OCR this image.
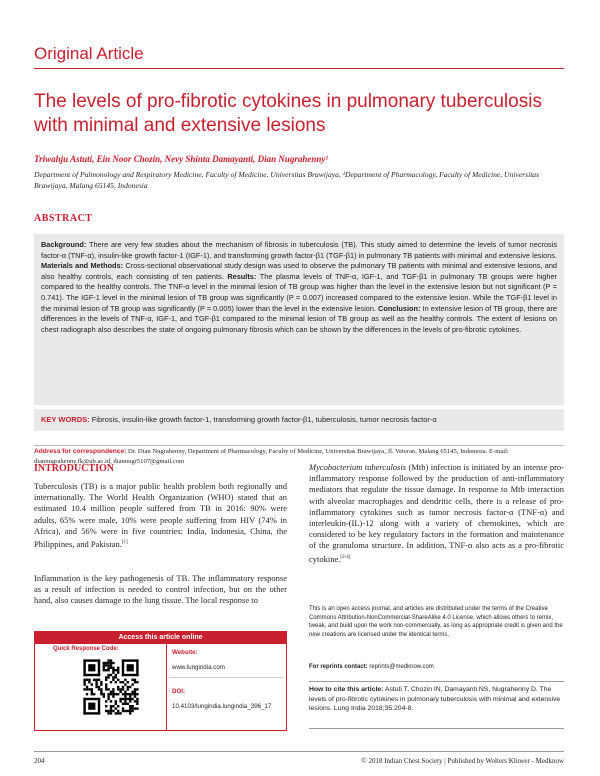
Original Article
The levels of pro-fibrotic cytokines in pulmonary tuberculosis with minimal and extensive lesions
Triwahju Astuti, Ein Noor Chozin, Nevy Shinta Damayanti, Dian Nugrahenny¹
Department of Pulmonology and Respiratory Medicine, Faculty of Medicine, Universitas Brawijaya, ¹Department of Pharmacology, Faculty of Medicine, Universitas Brawijaya, Malang 65145, Indonesia
ABSTRACT
Background: There are very few studies about the mechanism of fibrosis in tuberculosis (TB). This study aimed to determine the levels of tumor necrosis factor-α (TNF-α), insulin-like growth factor-1 (IGF-1), and transforming growth factor-β1 (TGF-β1) in pulmonary TB patients with minimal and extensive lesions. Materials and Methods: Cross-sectional observational study design was used to observe the pulmonary TB patients with minimal and extensive lesions, and also healthy controls, each consisting of ten patients. Results: The plasma levels of TNF-α, IGF-1, and TGF-β1 in pulmonary TB groups were higher compared to the healthy controls. The TNF-α level in the minimal lesion of TB group was higher than the level in the extensive lesion but not significant (P = 0.741). The IGF-1 level in the minimal lesion of TB group was significantly (P = 0.007) increased compared to the extensive lesion. While the TGF-β1 level in the minimal lesion of TB group was significantly (P = 0.005) lower than the level in the extensive lesion. Conclusion: In extensive lesion of TB group, there are differences in the levels of TNF-α, IGF-1, and TGF-β1 compared to the minimal lesion of TB group as well as the healthy controls. The extent of lesions on chest radiograph also describes the state of ongoing pulmonary fibrosis which can be shown by the differences in the levels of pro-fibrotic cytokines.
KEY WORDS: Fibrosis, insulin-like growth factor-1, transforming growth factor-β1, tuberculosis, tumor necrosis factor-α
Address for correspondence: Dr. Dian Nugrahenny, Department of Pharmacology, Faculty of Medicine, Universitas Brawijaya, Jl. Veteran, Malang 65145, Indonesia. E-mail: diannugrahenny.fk@ub.ac.id, diannugr5107@gmail.com
INTRODUCTION
Tuberculosis (TB) is a major public health problem both regionally and internationally. The World Health Organization (WHO) stated that an estimated 10.4 million people suffered from TB in 2016: 90% were adults, 65% were male, 10% were people suffering from HIV (74% in Africa), and 56% were in five countries: India, Indonesia, China, the Philippines, and Pakistan.[1]
Inflammation is the key pathogenesis of TB. The inflammatory response as a result of infection is needed to control infection, but on the other hand, also causes damage to the lung tissue. The local response to
Mycobacterium tuberculosis (Mtb) infection is initiated by an intense pro-inflammatory response followed by the production of anti-inflammatory mediators that regulate the tissue damage. In response to Mtb interaction with alveolar macrophages and dendritic cells, there is a release of pro-inflammatory cytokines such as tumor necrosis factor-α (TNF-α) and interleukin-(IL)-12 along with a variety of chemokines, which are considered to be key regulatory factors in the formation and maintenance of the granuloma structure. In addition, TNF-α also acts as a pro-fibrotic cytokine.[2-4]
Access this article online
Quick Response Code:	Website:
www.lungindia.com
DOI:
10.4103/lungindia.lungindia_396_17
This is an open access journal, and articles are distributed under the terms of the Creative Commons Attribution-NonCommercial-ShareAlike 4.0 License, which allows others to remix, tweak, and build upon the work non-commercially, as long as appropriate credit is given and the new creations are licensed under the identical terms.
For reprints contact: reprints@medknow.com
How to cite this article: Astuti T, Chozin IN, Damayanti NS, Nugrahenny D. The levels of pro-fibrotic cytokines in pulmonary tuberculosis with minimal and extensive lesions. Lung India 2018;35:204-8.
204	© 2018 Indian Chest Society | Published by Wolters Kluwer - Medknow
